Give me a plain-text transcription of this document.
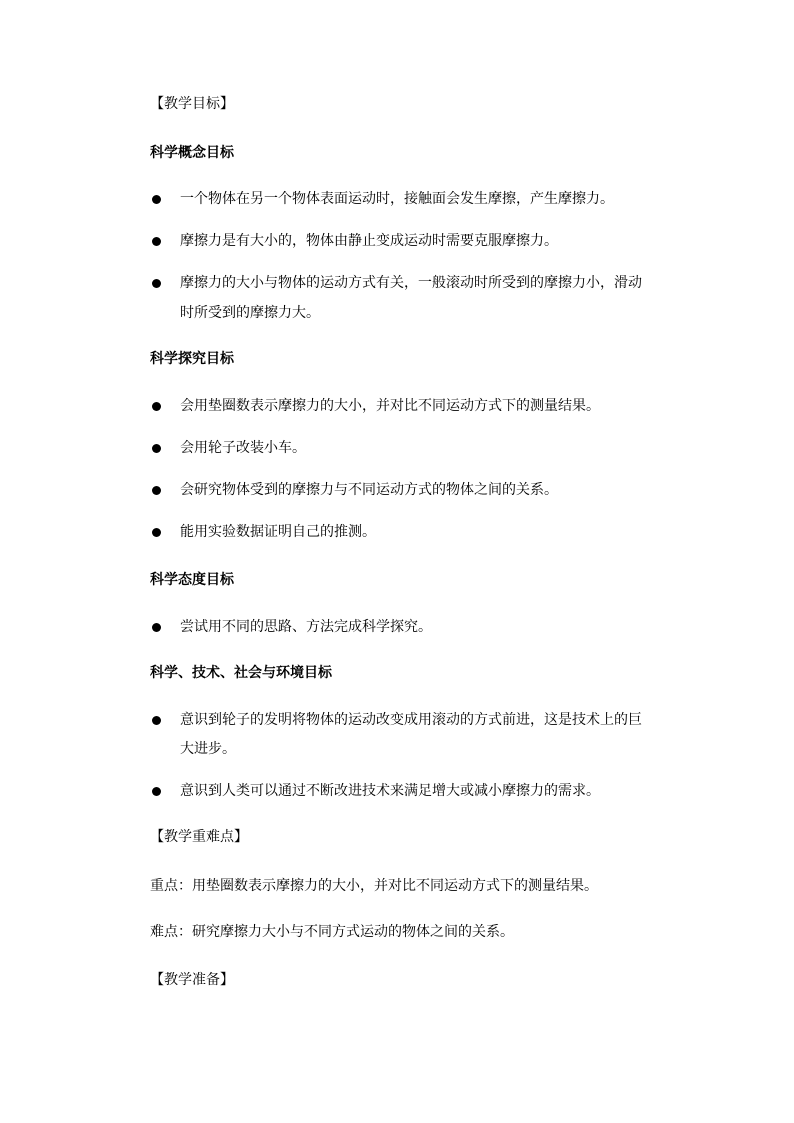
【教学目标】
科学概念目标
一个物体在另一个物体表面运动时，接触面会发生摩擦，产生摩擦力。
摩擦力是有大小的，物体由静止变成运动时需要克服摩擦力。
摩擦力的大小与物体的运动方式有关，一般滚动时所受到的摩擦力小，滑动
时所受到的摩擦力大。
科学探究目标
会用垫圈数表示摩擦力的大小，并对比不同运动方式下的测量结果。
会用轮子改装小车。
会研究物体受到的摩擦力与不同运动方式的物体之间的关系。
能用实验数据证明自己的推测。
科学态度目标
尝试用不同的思路、方法完成科学探究。
科学、技术、社会与环境目标
意识到轮子的发明将物体的运动改变成用滚动的方式前进，这是技术上的巨
大进步。
意识到人类可以通过不断改进技术来满足增大或减小摩擦力的需求。
【教学重难点】
重点：用垫圈数表示摩擦力的大小，并对比不同运动方式下的测量结果。
难点：研究摩擦力大小与不同方式运动的物体之间的关系。
【教学准备】
